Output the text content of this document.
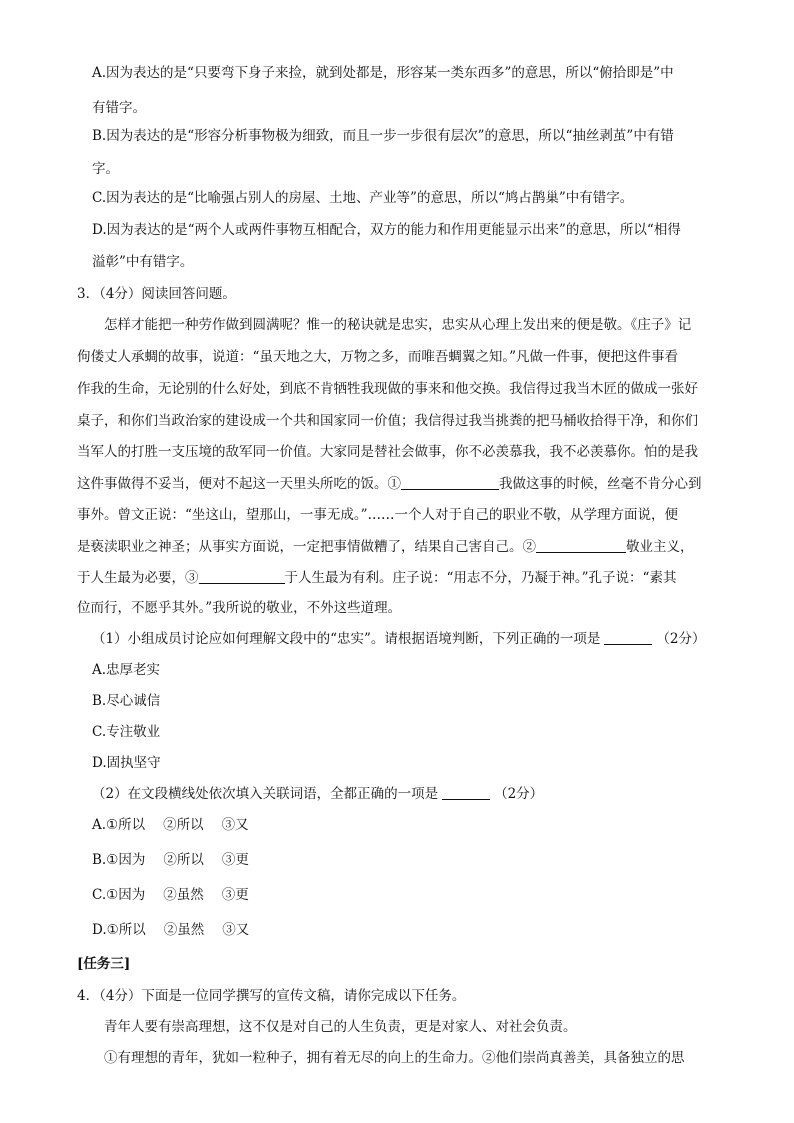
A.因为表达的是“只要弯下身子来捡，就到处都是，形容某一类东西多”的意思，所以“俯拾即是”中
有错字。
B.因为表达的是“形容分析事物极为细致，而且一步一步很有层次”的意思，所以“抽丝剥茧”中有错
字。
C.因为表达的是“比喻强占别人的房屋、土地、产业等”的意思，所以“鸠占鹊巢”中有错字。
D.因为表达的是“两个人或两件事物互相配合，双方的能力和作用更能显示出来”的意思，所以“相得
溢彰”中有错字。
3．（4分）阅读回答问题。
怎样才能把一种劳作做到圆满呢？惟一的秘诀就是忠实，忠实从心理上发出来的便是敬。《庄子》记
佝偻丈人承蜩的故事，说道：“虽天地之大，万物之多，而唯吾蜩翼之知。”凡做一件事，便把这件事看
作我的生命，无论别的什么好处，到底不肯牺牲我现做的事来和他交换。我信得过我当木匠的做成一张好
桌子，和你们当政治家的建设成一个共和国家同一价值；我信得过我当挑粪的把马桶收拾得干净，和你们
当军人的打胜一支压境的敌军同一价值。大家同是替社会做事，你不必羡慕我，我不必羡慕你。怕的是我
这件事做得不妥当，便对不起这一天里头所吃的饭。①	我做这事的时候，丝毫不肯分心到
事外。曾文正说：“坐这山，望那山，一事无成。”……一个人对于自己的职业不敬，从学理方面说，便
是亵渎职业之神圣；从事实方面说，一定把事情做糟了，结果自己害自己。②	敬业主义，
于人生最为必要，③	于人生最为有利。庄子说：“用志不分，乃凝于神。”孔子说：“素其
位而行，不愿乎其外。”我所说的敬业，不外这些道理。
（1）小组成员讨论应如何理解文段中的“忠实”。请根据语境判断，下列正确的一项是	（2分）
A.忠厚老实
B.尽心诚信
C.专注敬业
D.固执坚守
（2）在文段横线处依次填入关联词语，全都正确的一项是	（2分）
A.①所以 ②所以 ③又
B.①因为 ②所以 ③更
C.①因为 ②虽然 ③更
D.①所以 ②虽然 ③又
[任务三]
4．（4分）下面是一位同学撰写的宣传文稿，请你完成以下任务。
青年人要有崇高理想，这不仅是对自己的人生负责，更是对家人、对社会负责。
①有理想的青年，犹如一粒种子，拥有着无尽的向上的生命力。②他们崇尚真善美，具备独立的思
